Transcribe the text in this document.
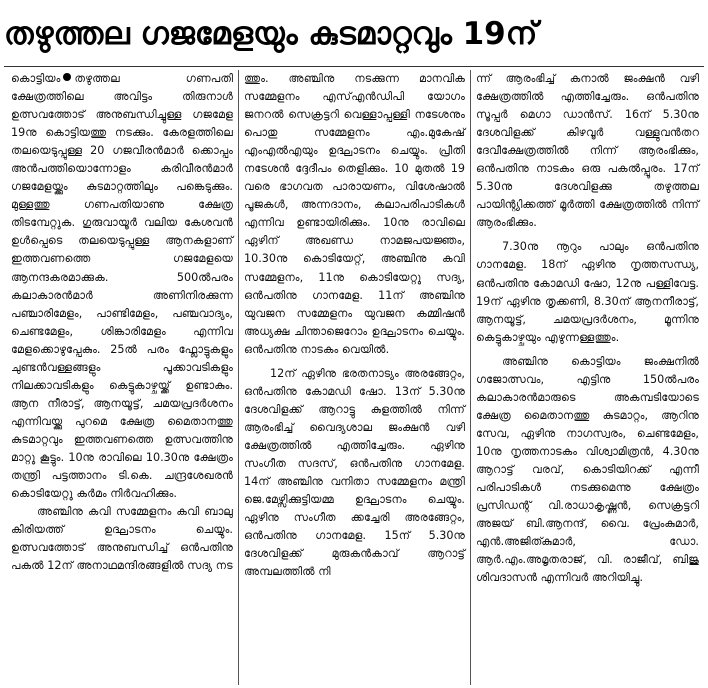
തഴുത്തല ഗജമേളയും കുടമാറ്റവും 19ന്

കൊട്ടിയം തഴുത്തല ഗണപതി ക്ഷേത്രത്തിലെ അവിട്ടം തിരുനാൾ ഉത്സവത്തോട് അനുബന്ധിച്ചുള്ള ഗജമേള 19നു കൊട്ടിയത്തു നടക്കും. കേരളത്തിലെ തലയെടുപ്പുള്ള 20 ഗജവീരൻമാർ ക്കൊപ്പം അൻപത്തിയൊന്നോളം കരിവീരൻമാർ ഗജമേളയ്ക്കും കുടമാറ്റത്തിലും പങ്കെടുക്കും. മുള്ളത്തു ഗണപതിയാണു ക്ഷേത്ര തിടമ്പേറ്റുക. ഗുരുവായൂർ വലിയ കേശവൻ ഉൾപ്പെടെ തലയെടുപ്പുള്ള ആനകളാണ് ഇത്തവണത്തെ ഗജമേളയെ ആനന്ദകരമാക്കുക. 500ൽപരം കലാകാരൻമാർ അണിനിരക്കുന്ന പഞ്ചാരിമേളം, പാണ്ടിമേളം, പഞ്ചവാദ്യം, ചെണ്ടമേളം, ശിങ്കാരിമേളം എന്നിവ മേളക്കൊഴുപ്പേകും. 25ൽ പരം ഫ്ലോട്ടുകളും ചുണ്ടൻവള്ളങ്ങളും പൂക്കാവടികളും നിലക്കാവടികളും കെട്ടുകാഴ്ചയ്ക്ക് ഉണ്ടാകും. ആന നീരാട്ട്, ആനയൂട്ട്, ചമയപ്രദർശനം എന്നിവയ്ക്കു പുറമെ ക്ഷേത്ര മൈതാനത്തു കുടമാറ്റവും ഇത്തവണത്തെ ഉത്സവത്തിനു മാറ്റു കൂട്ടും. 10നു രാവിലെ 10.30നു ക്ഷേത്രം തന്ത്രി പട്ടത്താനം ടി.കെ. ചന്ദ്രശേഖരൻ കൊടിയേറ്റു കർമം നിർവഹിക്കും.

അഞ്ചിനു കവി സമ്മേളനം കവി ബാലു കിരിയത്ത് ഉദ്ഘാടനം ചെയ്യും. ഉത്സവത്തോട് അനുബന്ധിച്ച് ഒൻപതിനു പകൽ 12ന് അനാഥമന്ദിരങ്ങളിൽ സദ്യ നട

ത്തും. അഞ്ചിനു നടക്കുന്ന മാനവിക സമ്മേളനം എസ്എൻഡിപി യോഗം ജനറൽ സെക്രട്ടറി വെള്ളാപ്പള്ളി നടേശനും പൊതു സമ്മേളനം എം.മുകേഷ് എംഎൽഎയും ഉദ്ഘാടനം ചെയ്യും. പ്രീതി നടേശൻ ദ്ദേദീപം തെളിക്കും. 10 മുതൽ 19 വരെ ഭാഗവത പാരായണം, വിശേഷാൽ പൂജകൾ, അന്നദാനം, കലാപരിപാടികൾ എന്നിവ ഉണ്ടായിരിക്കും. 10നു രാവിലെ ഏഴിന് അഖണ്ഡ നാമജപയജ്ഞം, 10.30നു കൊടിയേറ്റ്, അഞ്ചിനു കവി സമ്മേളനം, 11നു കൊടിയേറ്റു സദ്യ, ഒൻപതിനു ഗാനമേള. 11ന് അഞ്ചിനു യുവജന സമ്മേളനം യുവജന കമ്മിഷൻ അധ്യക്ഷ ചിന്താജെറോം ഉദ്ഘാടനം ചെയ്യും. ഒൻപതിനു നാടകം വെയിൽ.

12ന് ഏഴിനു ഭരതനാട്യം അരങ്ങേറ്റം, ഒൻപതിനു കോമഡി ഷോ. 13ന് 5.30നു ദേശവിളക്ക് ആറാട്ടു കുളത്തിൽ നിന്ന് ആരംഭിച്ച് വൈദ്യശാല ജംക്ഷൻ വഴി ക്ഷേത്രത്തിൽ എത്തിച്ചേരും. ഏഴിനു സംഗീത സദസ്, ഒൻപതിനു ഗാനമേള. 14ന് അഞ്ചിനു വനിതാ സമ്മേളനം മന്ത്രി ജെ.മേഴ്സിക്കുട്ടിയമ്മ ഉദ്ഘാടനം ചെയ്യും. ഏഴിനു സംഗീത ക്കച്ചേരി അരങ്ങേറ്റം, ഒൻപതിനു ഗാനമേള. 15ന് 5.30നു ദേശവിളക്ക് മുരുകൻകാവ് ആറാട്ട് അമ്പലത്തിൽ നി

ന്ന് ആരംഭിച്ച് കനാൽ ജംക്ഷൻ വഴി ക്ഷേത്രത്തിൽ എത്തിച്ചേരും. ഒൻപതിനു സൂപ്പർ മെഗാ ഡാൻസ്. 16ന് 5.30നു ദേശവിളക്ക് കിഴവൂർ വള്ളുവൻതറ ദേവീക്ഷേത്രത്തിൽ നിന്ന് ആരംഭിക്കും, ഒൻപതിനു നാടകം ഒരു പകൽപ്പൂരം. 17ന് 5.30നു ദേശവിളക്കു തഴുത്തല പായിന്റ്യിക്കത്ത് മൂർത്തി ക്ഷേത്രത്തിൽ നിന്ന് ആരംഭിക്കും.

7.30നു നൂറും പാലും ഒൻപതിനു ഗാനമേള. 18ന് ഏഴിനു നൃത്തസന്ധ്യ, ഒൻപതിനു കോമഡി ഷോ, 12നു പള്ളിവേട്ട. 19ന് ഏഴിനു തൃക്കണി, 8.30ന് ആനനീരാട്ട്, ആനയൂട്ട്, ചമയപ്രദർശനം, മൂന്നിനു കെട്ടുകാഴ്ചയും എഴുന്നള്ളത്തും.

അഞ്ചിനു കൊട്ടിയം ജംക്ഷനിൽ ഗജോത്സവം, എട്ടിനു 150ൽപരം കലാകാരൻമാരുടെ അകമ്പടിയോടെ ക്ഷേത്ര മൈതാനത്തു കുടമാറ്റം, ആറിനു സേവ, ഏഴിനു നാഗസ്വരം, ചെണ്ടമേളം, 10നു നൃത്തനാടകം വിശ്വാമിത്രൻ, 4.30നു ആറാട്ട് വരവ്, കൊടിയിറക്ക് എന്നീ പരിപാടികൾ നടക്കുമെന്നു ക്ഷേത്രം പ്രസിഡന്റ് വി.രാധാകൃഷ്ണൻ, സെക്രട്ടറി അജയ് ബി.ആനന്ദ്, വൈ. പ്രേംകുമാർ, എൻ.അജിത്കുമാർ, ഡോ. ആർ.എം.അമൃതരാജ്, വി. രാജീവ്, ബിജു ശിവദാസൻ എന്നിവർ അറിയിച്ചു.
